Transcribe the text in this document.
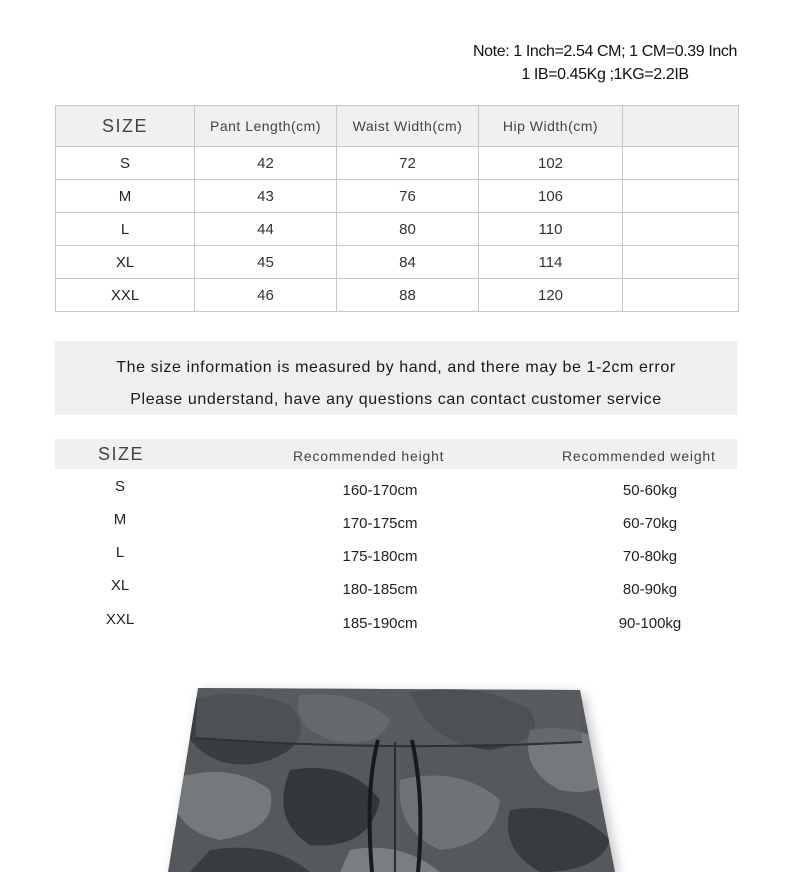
Note: 1 Inch=2.54 CM; 1 CM=0.39 Inch
1 IB=0.45Kg ;1KG=2.2IB
SIZE	Pant Length(cm)	Waist Width(cm)	Hip Width(cm)	
S	42	72	102	
M	43	76	106	
L	44	80	110	
XL	45	84	114	
XXL	46	88	120	
The size information is measured by hand, and there may be 1-2cm error
Please understand, have any questions can contact customer service
SIZE	Recommended height	Recommended weight
S	160-170cm	50-60kg
M	170-175cm	60-70kg
L	175-180cm	70-80kg
XL	180-185cm	80-90kg
XXL	185-190cm	90-100kg
